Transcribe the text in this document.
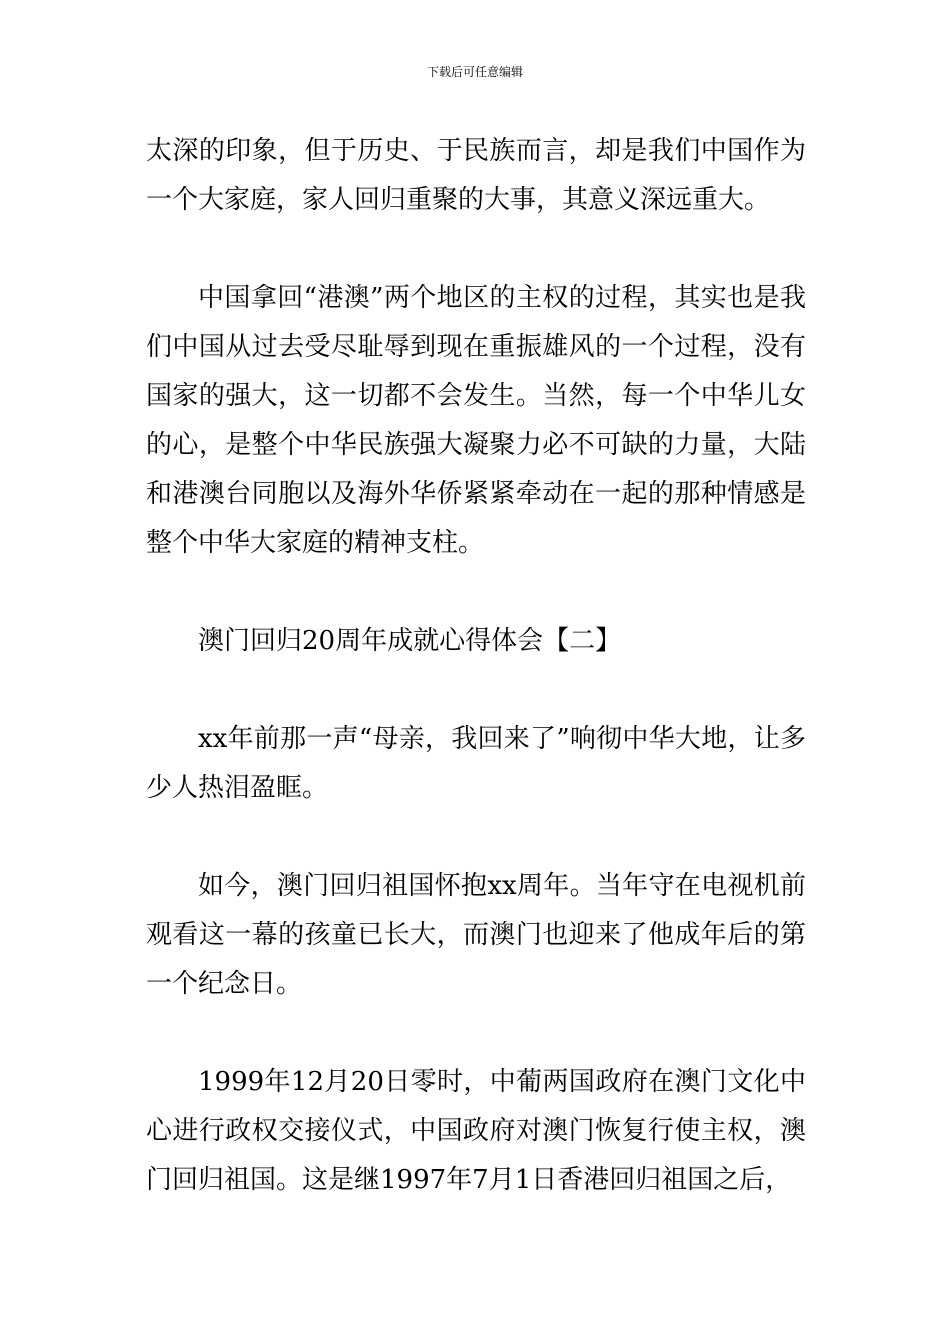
下载后可任意编辑

太深的印象，但于历史、于民族而言，却是我们中国作为一个大家庭，家人回归重聚的大事，其意义深远重大。

中国拿回“港澳”两个地区的主权的过程，其实也是我们中国从过去受尽耻辱到现在重振雄风的一个过程，没有国家的强大，这一切都不会发生。当然，每一个中华儿女的心，是整个中华民族强大凝聚力必不可缺的力量，大陆和港澳台同胞以及海外华侨紧紧牵动在一起的那种情感是整个中华大家庭的精神支柱。

澳门回归20周年成就心得体会【二】

xx年前那一声“母亲，我回来了”响彻中华大地，让多少人热泪盈眶。

如今，澳门回归祖国怀抱xx周年。当年守在电视机前观看这一幕的孩童已长大，而澳门也迎来了他成年后的第一个纪念日。

1999年12月20日零时，中葡两国政府在澳门文化中心进行政权交接仪式，中国政府对澳门恢复行使主权，澳门回归祖国。这是继1997年7月1日香港回归祖国之后，
